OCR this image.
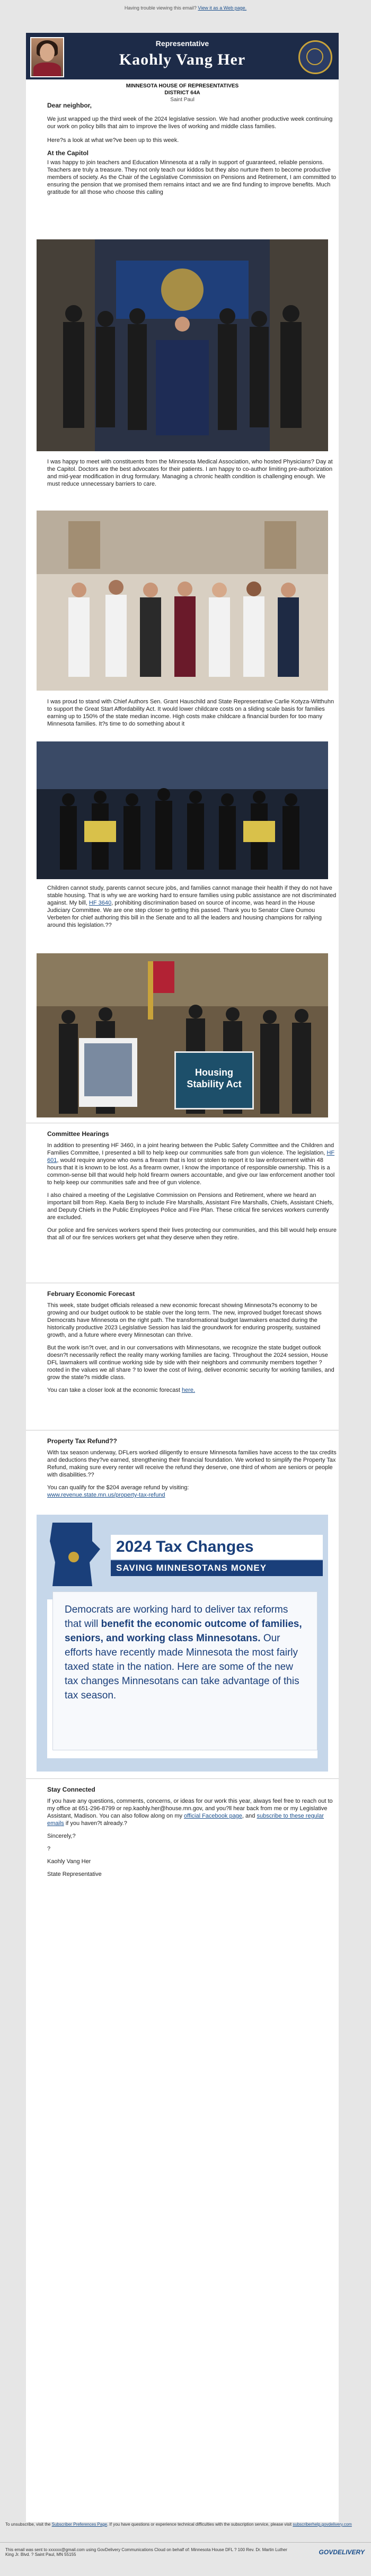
Having trouble viewing this email? View it as a Web page.
Representative
Kaohly Vang Her
MINNESOTA HOUSE OF REPRESENTATIVES
DISTRICT 64A
Saint Paul

Dear neighbor,

We just wrapped up the third week of the 2024 legislative session. We had another productive week continuing our work on policy bills that aim to improve the lives of working and middle class families.

Here?s a look at what we?ve been up to this week.

At the Capitol

I was happy to join teachers and Education Minnesota at a rally in support of guaranteed, reliable pensions. Teachers are truly a treasure. They not only teach our kiddos but they also nurture them to become productive members of society. As the Chair of the Legislative Commission on Pensions and Retirement, I am committed to ensuring the pension that we promised them remains intact and we are find funding to improve benefits. Much gratitude for all those who choose this calling

I was happy to meet with constituents from the Minnesota Medical Association, who hosted Physicians? Day at the Capitol. Doctors are the best advocates for their patients. I am happy to co-author limiting pre-authorization and mid-year modification in drug formulary. Managing a chronic health condition is challenging enough. We must reduce unnecessary barriers to care.

I was proud to stand with Chief Authors Sen. Grant Hauschild and State Representative Carlie Kotyza-Witthuhn to support the Great Start Affordability Act. It would lower childcare costs on a sliding scale basis for families earning up to 150% of the state median income. High costs make childcare a financial burden for too many Minnesota families. It?s time to do something about it

Children cannot study, parents cannot secure jobs, and families cannot manage their health if they do not have stable housing. That is why we are working hard to ensure families using public assistance are not discriminated against. My bill, HF 3640, prohibiting discrimination based on source of income, was heard in the House Judiciary Committee. We are one step closer to getting this passed. Thank you to Senator Clare Oumou Verbeten for chief authoring this bill in the Senate and to all the leaders and housing champions for rallying around this legislation.??

Housing Stability Act
Committee Hearings

In addition to presenting HF 3460, in a joint hearing between the Public Safety Committee and the Children and Families Committee, I presented a bill to help keep our communities safe from gun violence. The legislation, HF 601, would require anyone who owns a firearm that is lost or stolen to report it to law enforcement within 48 hours that it is known to be lost. As a firearm owner, I know the importance of responsible ownership. This is a common-sense bill that would help hold firearm owners accountable, and give our law enforcement another tool to help keep our communities safe and free of gun violence.

I also chaired a meeting of the Legislative Commission on Pensions and Retirement, where we heard an important bill from Rep. Kaela Berg to include Fire Marshalls, Assistant Fire Marshalls, Chiefs, Assistant Chiefs, and Deputy Chiefs in the Public Employees Police and Fire Plan. These critical fire services workers currently are excluded.

Our police and fire services workers spend their lives protecting our communities, and this bill would help ensure that all of our fire services workers get what they deserve when they retire.

February Economic Forecast

This week, state budget officials released a new economic forecast showing Minnesota?s economy to be growing and our budget outlook to be stable over the long term. The new, improved budget forecast shows Democrats have Minnesota on the right path. The transformational budget lawmakers enacted during the historically productive 2023 Legislative Session has laid the groundwork for enduring prosperity, sustained growth, and a future where every Minnesotan can thrive.

But the work isn?t over, and in our conversations with Minnesotans, we recognize the state budget outlook doesn?t necessarily reflect the reality many working families are facing. Throughout the 2024 session, House DFL lawmakers will continue working side by side with their neighbors and community members together ? rooted in the values we all share ? to lower the cost of living, deliver economic security for working families, and grow the state?s middle class.

You can take a closer look at the economic forecast here.

Property Tax Refund??

With tax season underway, DFLers worked diligently to ensure Minnesota families have access to the tax credits and deductions they?ve earned, strengthening their financial foundation. We worked to simplify the Property Tax Refund, making sure every renter will receive the refund they deserve, one third of whom are seniors or people with disabilities.??

You can qualify for the $204 average refund by visiting:

www.revenue.state.mn.us/property-tax-refund

2024 Tax Changes
SAVING MINNESOTANS MONEY
Democrats are working hard to deliver tax reforms that will benefit the economic outcome of families, seniors, and working class Minnesotans. Our efforts have recently made Minnesota the most fairly taxed state in the nation. Here are some of the new tax changes Minnesotans can take advantage of this tax season.
Stay Connected

If you have any questions, comments, concerns, or ideas for our work this year, always feel free to reach out to my office at 651-296-8799 or rep.kaohly.her@house.mn.gov, and you?ll hear back from me or my Legislative Assistant, Madison. You can also follow along on my official Facebook page, and subscribe to these regular emails if you haven?t already.?

Sincerely,?

?

Kaohly Vang Her

State Representative

To unsubscribe, visit the Subscriber Preferences Page. If you have questions or experience technical difficulties with the subscription service, please visit subscriberhelp.govdelivery.com
This email was sent to xxxxxx@gmail.com using GovDelivery Communications Cloud on behalf of: Minnesota House DFL ? 100 Rev. Dr. Martin Luther King Jr. Blvd. ? Saint Paul, MN 55155	GOVDELIVERY
